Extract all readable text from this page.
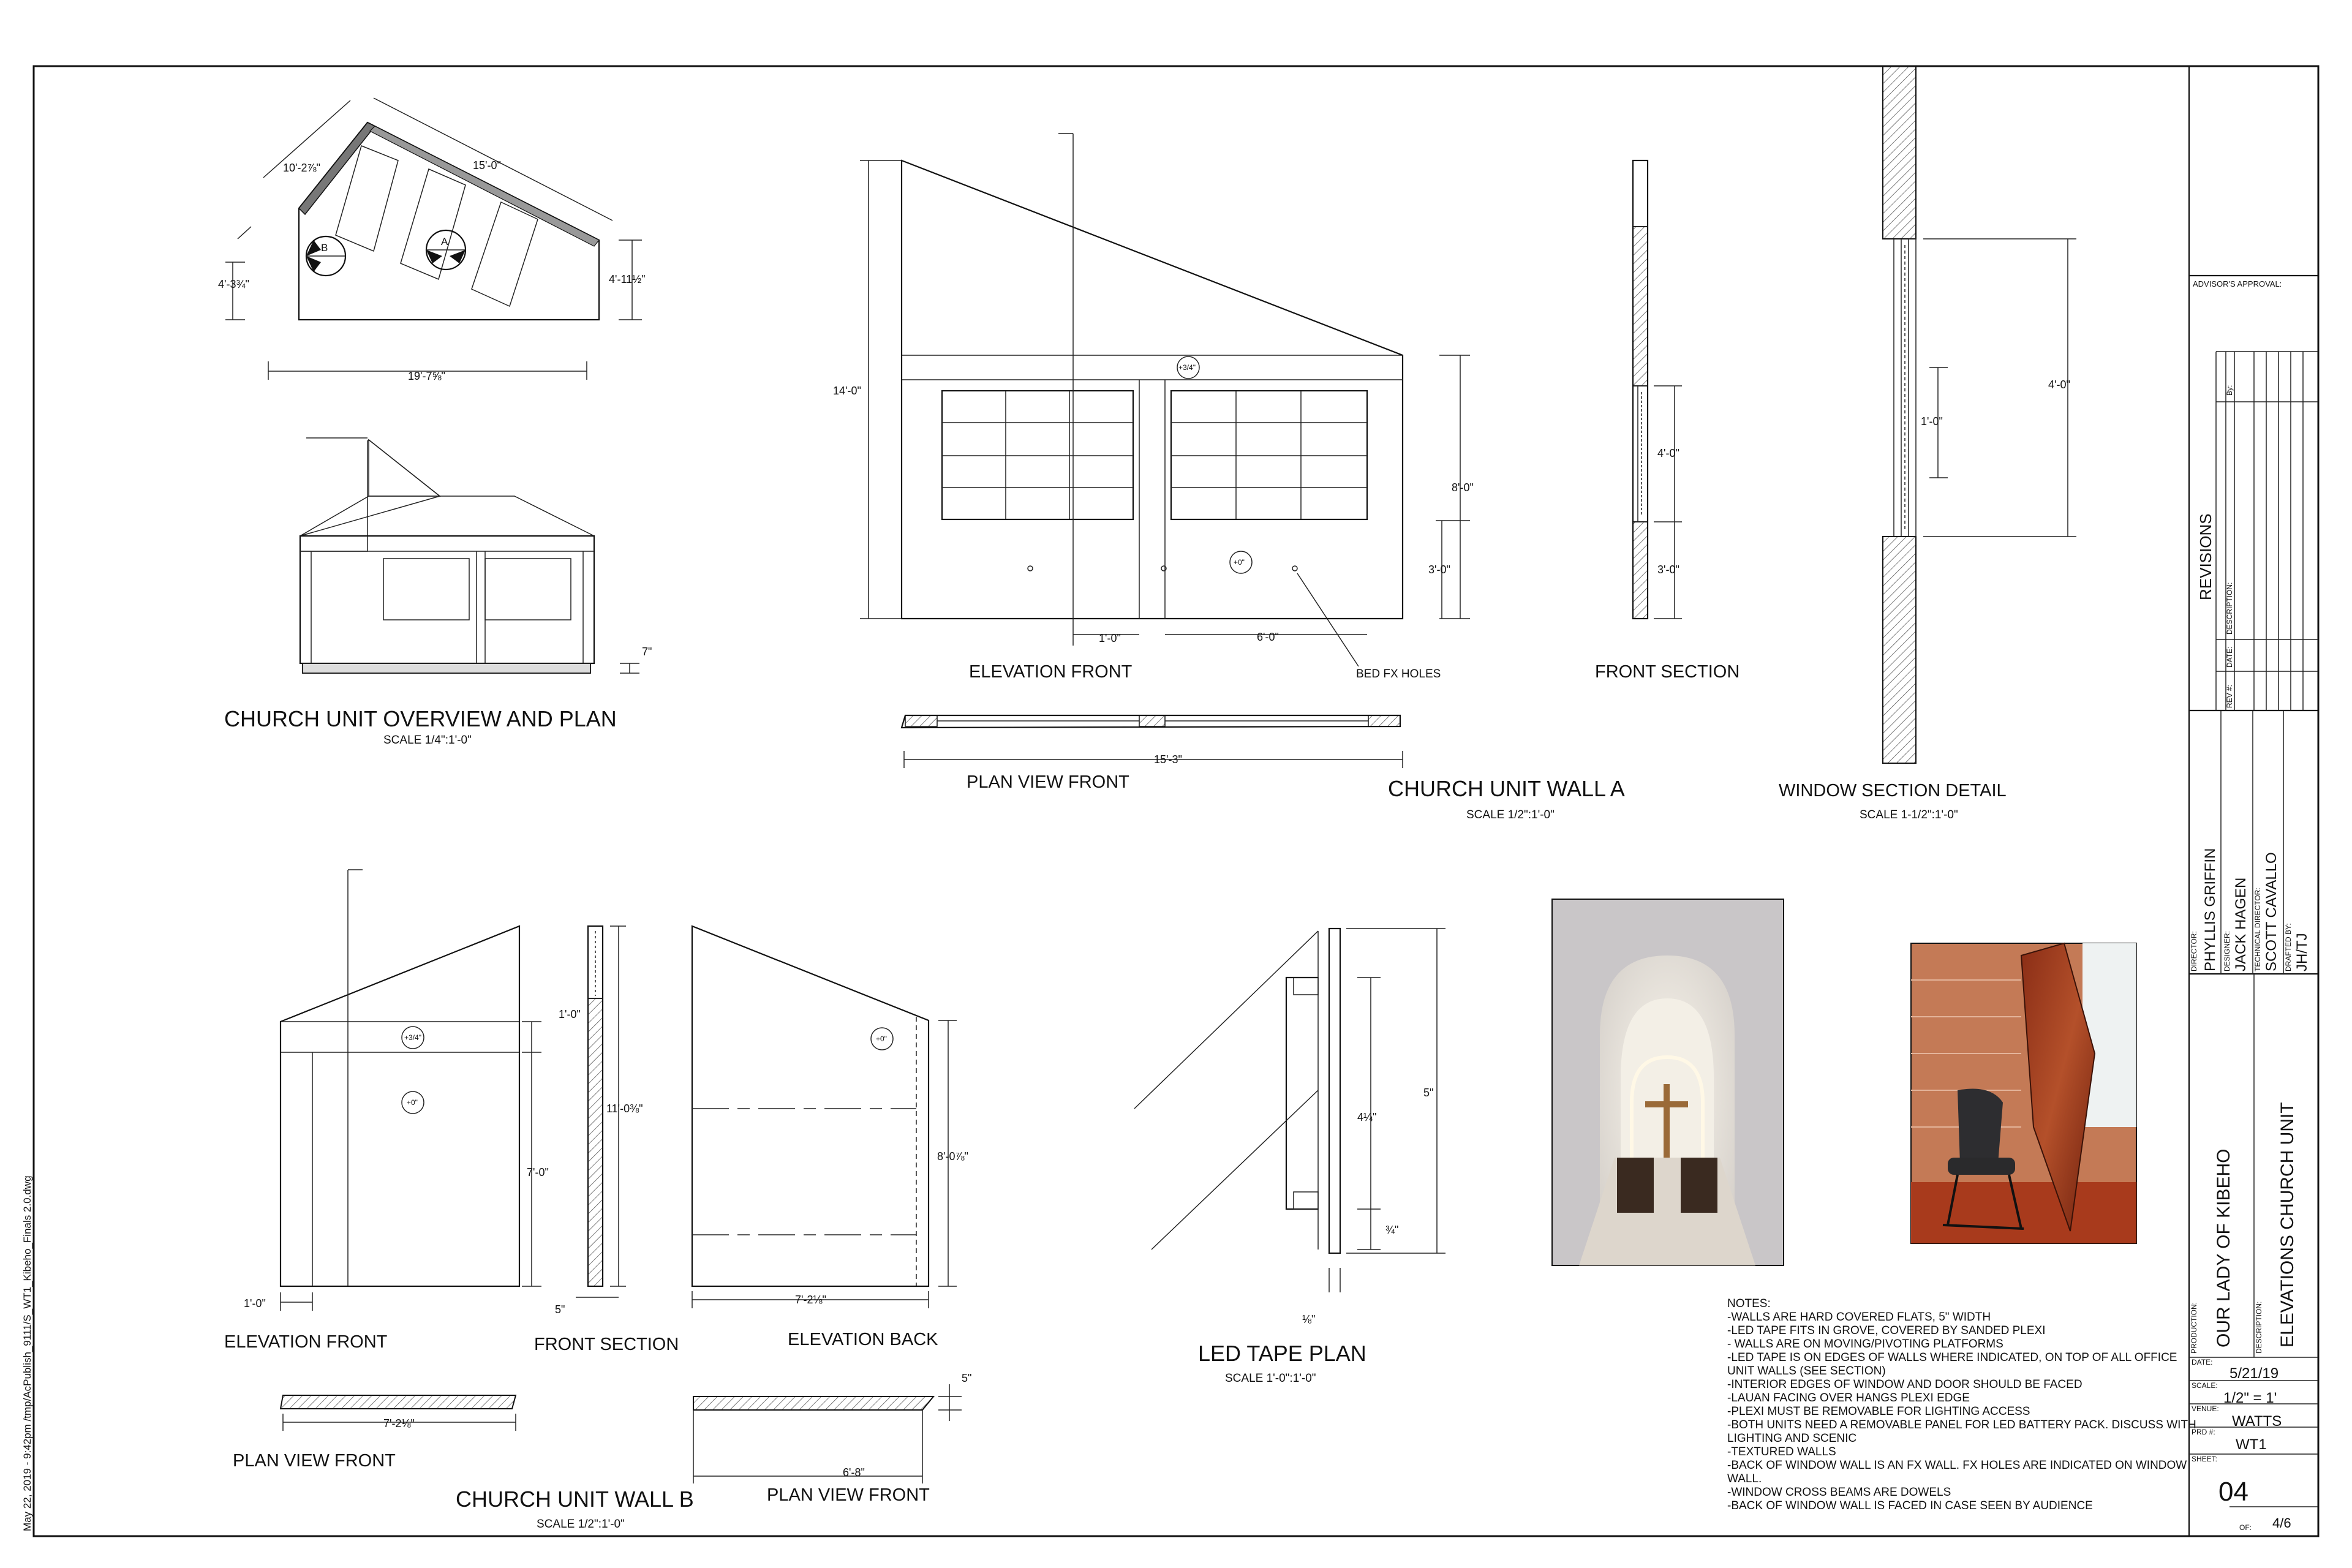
May 22, 2019 - 9:42pm /tmp/AcPublish_9111/S_WT1_Kibeho_Finals 2.0.dwg
10'-2⅞"	15'-0"
4'-3¾"	4'-11½"
19'-7⅝"
7"
B
A
CHURCH UNIT OVERVIEW AND PLAN
SCALE 1/4":1'-0"
14'-0"
8'-0"
3'-0"
1'-0"	6'-0"
+3/4"
+0"
BED FX HOLES
ELEVATION FRONT
15'-3"
PLAN VIEW FRONT	CHURCH UNIT WALL A
SCALE 1/2":1'-0"
4'-0"
3'-0"
FRONT SECTION
1'-0"
4'-0"
WINDOW SECTION DETAIL
SCALE 1-1/2":1'-0"
1'-0"
7'-0"
1'-0"
+3/4"
+0"
ELEVATION FRONT
7'-2⅛"
PLAN VIEW FRONT
11'-0⅜"
5"
FRONT SECTION
+0"
8'-0⅞"
7'-2⅛"
ELEVATION BACK
5"
6'-8"
PLAN VIEW FRONT
CHURCH UNIT WALL B
SCALE 1/2":1'-0"
4¼"
5"
¾"
⅛"
LED TAPE PLAN
SCALE 1'-0":1'-0"
NOTES:
-WALLS ARE HARD COVERED FLATS, 5" WIDTH
-LED TAPE FITS IN GROVE, COVERED BY SANDED PLEXI
- WALLS ARE ON MOVING/PIVOTING PLATFORMS
-LED TAPE IS ON EDGES OF WALLS WHERE INDICATED, ON TOP OF ALL OFFICE
UNIT WALLS (SEE SECTION)
-INTERIOR EDGES OF WINDOW AND DOOR SHOULD BE FACED
-LAUAN FACING OVER HANGS PLEXI EDGE
-PLEXI MUST BE REMOVABLE FOR LIGHTING ACCESS
-BOTH UNITS NEED A REMOVABLE PANEL FOR LED BATTERY PACK. DISCUSS WITH
LIGHTING AND SCENIC
-TEXTURED WALLS
-BACK OF WINDOW WALL IS AN FX WALL. FX HOLES ARE INDICATED ON WINDOW
WALL.
-WINDOW CROSS BEAMS ARE DOWELS
-BACK OF WINDOW WALL IS FACED IN CASE SEEN BY AUDIENCE
ADVISOR'S APPROVAL:
REVISIONS
REV #:
DATE:
DESCRIPTION:
By:
DIRECTOR: PHYLLIS GRIFFIN DESIGNER: JACK HAGEN TECHNICAL DIRECTOR: SCOTT CAVALLO DRAFTED BY: JH/TJ
PRODUCTION: OUR LADY OF KIBEHO	DESCRIPTION: ELEVATIONS CHURCH UNIT
DATE:
5/21/19
SCALE:
1/2" = 1'
VENUE:
WATTS
PRD #:
WT1
SHEET:
04
OF: 4/6
